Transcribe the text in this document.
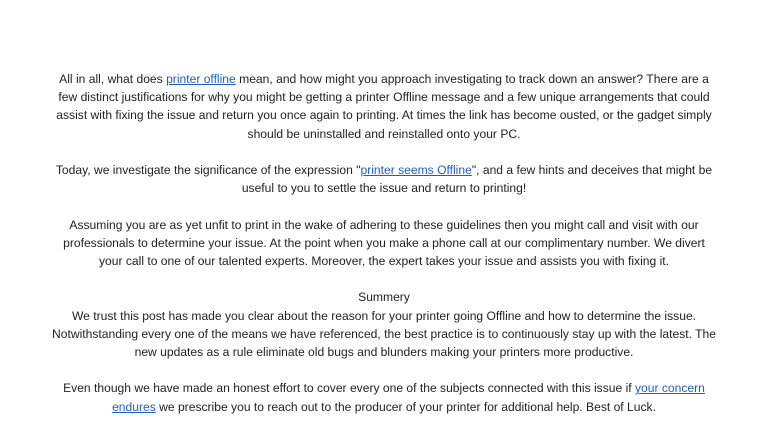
All in all, what does printer offline mean, and how might you approach investigating to track down an answer? There are a few distinct justifications for why you might be getting a printer Offline message and a few unique arrangements that could assist with fixing the issue and return you once again to printing. At times the link has become ousted, or the gadget simply should be uninstalled and reinstalled onto your PC.

Today, we investigate the significance of the expression "printer seems Offline", and a few hints and deceives that might be useful to you to settle the issue and return to printing!

Assuming you are as yet unfit to print in the wake of adhering to these guidelines then you might call and visit with our professionals to determine your issue. At the point when you make a phone call at our complimentary number. We divert your call to one of our talented experts. Moreover, the expert takes your issue and assists you with fixing it.

Summery
We trust this post has made you clear about the reason for your printer going Offline and how to determine the issue. Notwithstanding every one of the means we have referenced, the best practice is to continuously stay up with the latest. The new updates as a rule eliminate old bugs and blunders making your printers more productive.

Even though we have made an honest effort to cover every one of the subjects connected with this issue if your concern endures we prescribe you to reach out to the producer of your printer for additional help. Best of Luck.
